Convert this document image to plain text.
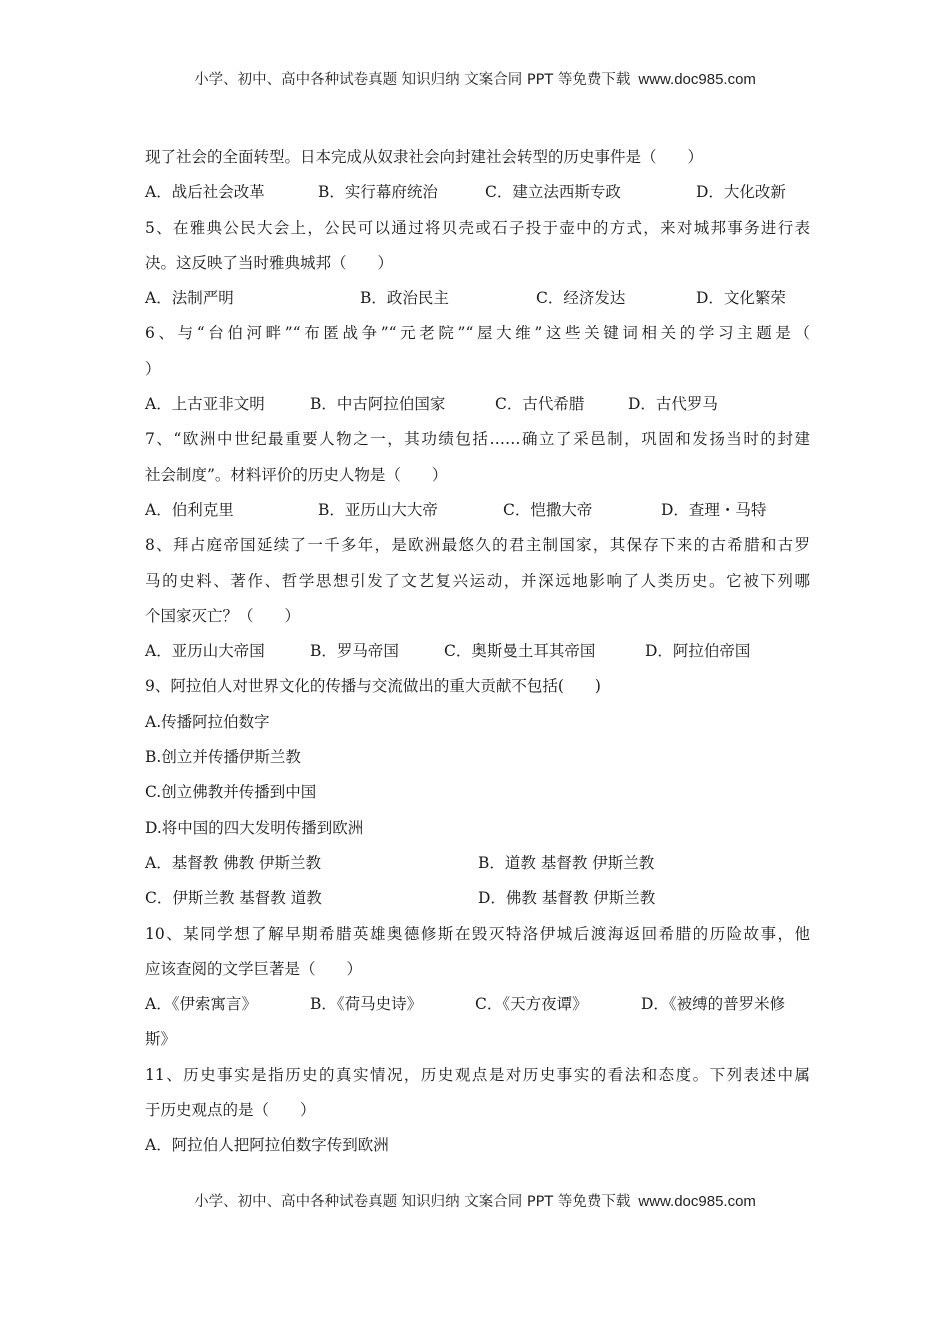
小学、初中、高中各种试卷真题 知识归纳 文案合同 PPT 等免费下载 www.doc985.com
现了社会的全面转型。日本完成从奴隶社会向封建社会转型的历史事件是（　　）
A．战后社会改革	B．实行幕府统治	C．建立法西斯专政	D．大化改新
5、在雅典公民大会上，公民可以通过将贝壳或石子投于壶中的方式，来对城邦事务进行表
决。这反映了当时雅典城邦（　　）
A．法制严明	B．政治民主	C．经济发达	D．文化繁荣
6、与“台伯河畔”“布匿战争”“元老院”“屋大维”这些关键词相关的学习主题是（
）
A．上古亚非文明	B．中古阿拉伯国家	C．古代希腊	D．古代罗马
7、“欧洲中世纪最重要人物之一，其功绩包括……确立了采邑制，巩固和发扬当时的封建
社会制度”。材料评价的历史人物是（　　）
A．伯利克里	B．亚历山大大帝	C．恺撒大帝	D．查理・马特
8、拜占庭帝国延续了一千多年，是欧洲最悠久的君主制国家，其保存下来的古希腊和古罗
马的史料、著作、哲学思想引发了文艺复兴运动，并深远地影响了人类历史。它被下列哪
个国家灭亡？（　　）
A．亚历山大帝国	B．罗马帝国	C．奥斯曼土耳其帝国	D．阿拉伯帝国
9、阿拉伯人对世界文化的传播与交流做出的重大贡献不包括(　　)
A.传播阿拉伯数字
B.创立并传播伊斯兰教
C.创立佛教并传播到中国
D.将中国的四大发明传播到欧洲
A．基督教 佛教 伊斯兰教	B．道教 基督教 伊斯兰教
C．伊斯兰教 基督教 道教	D．佛教 基督教 伊斯兰教
10、某同学想了解早期希腊英雄奥德修斯在毁灭特洛伊城后渡海返回希腊的历险故事，他
应该查阅的文学巨著是（　　）
A．《伊索寓言》	B．《荷马史诗》	C．《天方夜谭》	D．《被缚的普罗米修
斯》
11、历史事实是指历史的真实情况，历史观点是对历史事实的看法和态度。下列表述中属
于历史观点的是（　　）
A．阿拉伯人把阿拉伯数字传到欧洲
小学、初中、高中各种试卷真题 知识归纳 文案合同 PPT 等免费下载 www.doc985.com
